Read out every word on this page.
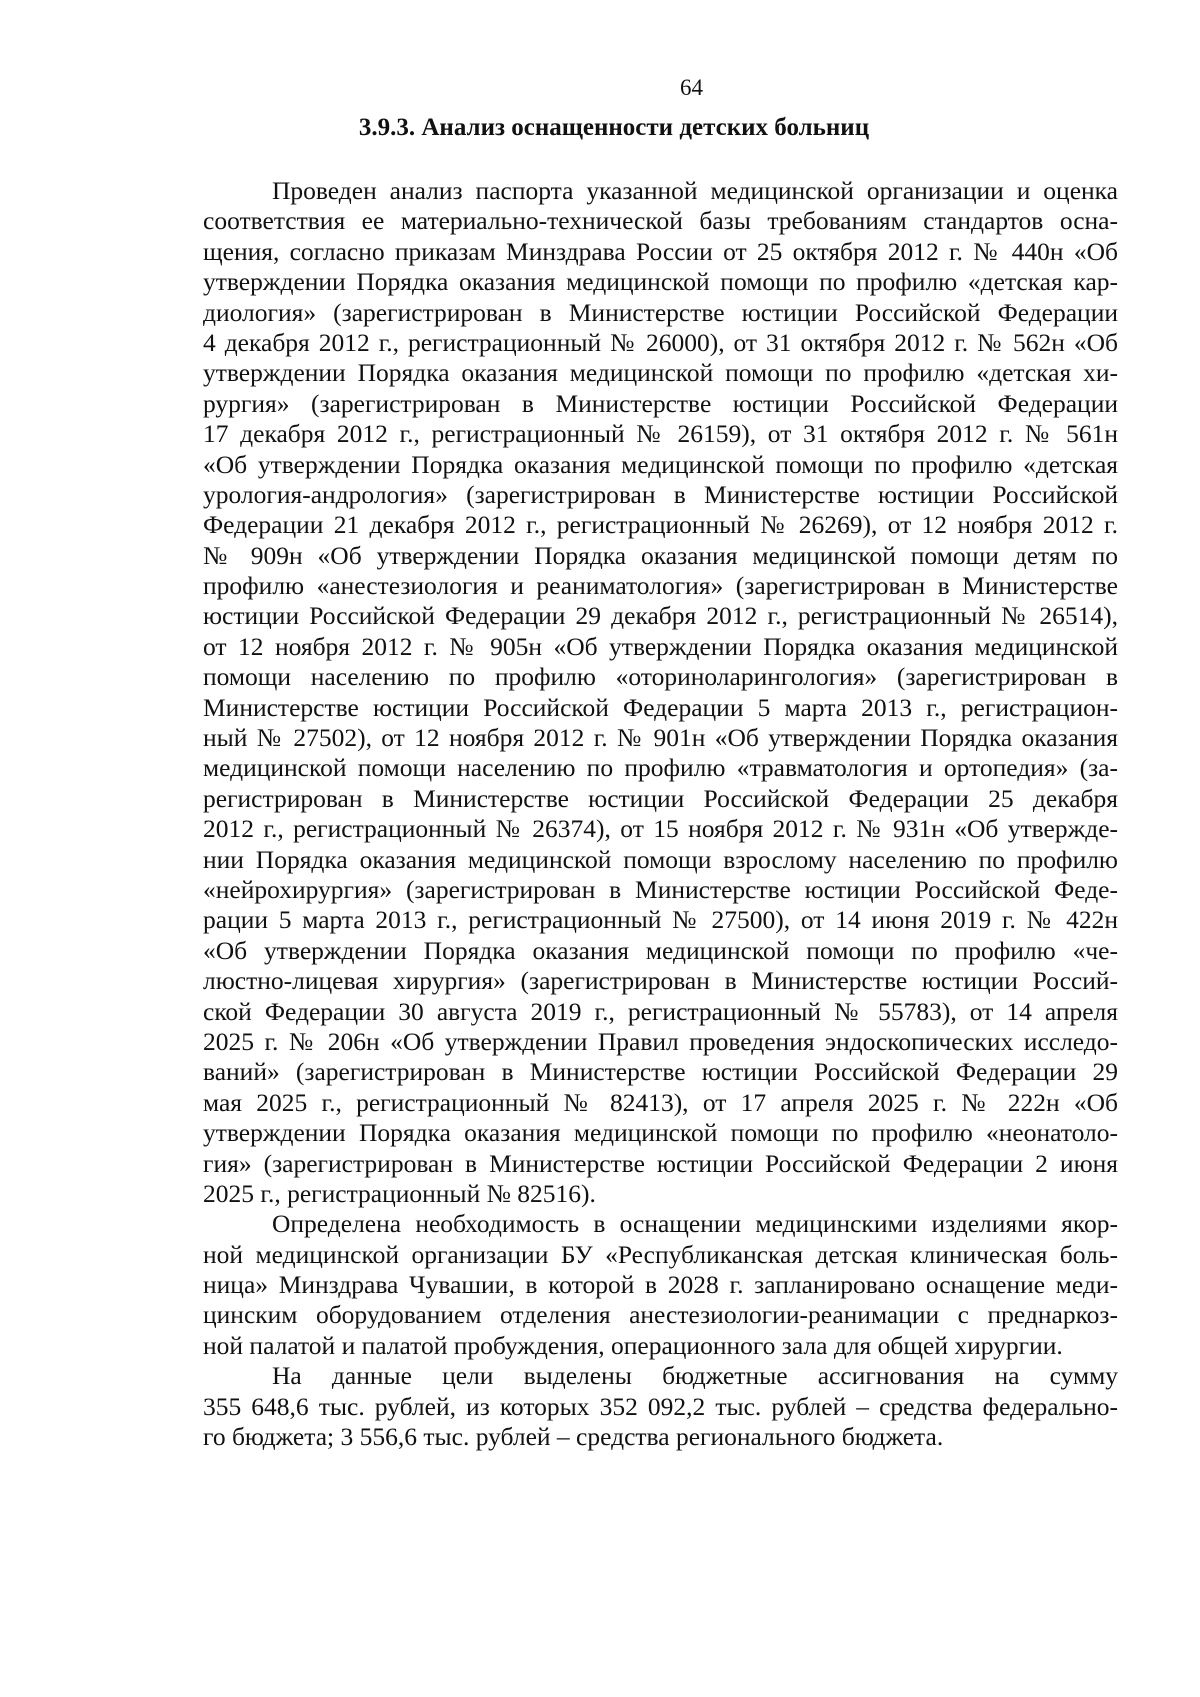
64
3.9.3. Анализ оснащенности детских больниц
Проведен анализ паспорта указанной медицинской организации и оценка
соответствия ее материально-технической базы требованиям стандартов осна-
щения, согласно приказам Минздрава России от 25 октября 2012 г. № 440н «Об
утверждении Порядка оказания медицинской помощи по профилю «детская кар-
диология» (зарегистрирован в Министерстве юстиции Российской Федерации
4 декабря 2012 г., регистрационный № 26000), от 31 октября 2012 г. № 562н «Об
утверждении Порядка оказания медицинской помощи по профилю «детская хи-
рургия» (зарегистрирован в Министерстве юстиции Российской Федерации
17 декабря 2012 г., регистрационный № 26159), от 31 октября 2012 г. № 561н
«Об утверждении Порядка оказания медицинской помощи по профилю «детская
урология-андрология» (зарегистрирован в Министерстве юстиции Российской
Федерации 21 декабря 2012 г., регистрационный № 26269), от 12 ноября 2012 г.
№ 909н «Об утверждении Порядка оказания медицинской помощи детям по
профилю «анестезиология и реаниматология» (зарегистрирован в Министерстве
юстиции Российской Федерации 29 декабря 2012 г., регистрационный № 26514),
от 12 ноября 2012 г. № 905н «Об утверждении Порядка оказания медицинской
помощи населению по профилю «оториноларингология» (зарегистрирован в
Министерстве юстиции Российской Федерации 5 марта 2013 г., регистрацион-
ный № 27502), от 12 ноября 2012 г. № 901н «Об утверждении Порядка оказания
медицинской помощи населению по профилю «травматология и ортопедия» (за-
регистрирован в Министерстве юстиции Российской Федерации 25 декабря
2012 г., регистрационный № 26374), от 15 ноября 2012 г. № 931н «Об утвержде-
нии Порядка оказания медицинской помощи взрослому населению по профилю
«нейрохирургия» (зарегистрирован в Министерстве юстиции Российской Феде-
рации 5 марта 2013 г., регистрационный № 27500), от 14 июня 2019 г. № 422н
«Об утверждении Порядка оказания медицинской помощи по профилю «че-
люстно-лицевая хирургия» (зарегистрирован в Министерстве юстиции Россий-
ской Федерации 30 августа 2019 г., регистрационный № 55783), от 14 апреля
2025 г. № 206н «Об утверждении Правил проведения эндоскопических исследо-
ваний» (зарегистрирован в Министерстве юстиции Российской Федерации 29
мая 2025 г., регистрационный № 82413), от 17 апреля 2025 г. № 222н «Об
утверждении Порядка оказания медицинской помощи по профилю «неонатоло-
гия» (зарегистрирован в Министерстве юстиции Российской Федерации 2 июня
2025 г., регистрационный № 82516).
Определена необходимость в оснащении медицинскими изделиями якор-
ной медицинской организации БУ «Республиканская детская клиническая боль-
ница» Минздрава Чувашии, в которой в 2028 г. запланировано оснащение меди-
цинским оборудованием отделения анестезиологии-реанимации с преднаркоз-
ной палатой и палатой пробуждения, операционного зала для общей хирургии.
На данные цели выделены бюджетные ассигнования на сумму
355 648,6 тыс. рублей, из которых 352 092,2 тыс. рублей – средства федерально-
го бюджета; 3 556,6 тыс. рублей – средства регионального бюджета.
